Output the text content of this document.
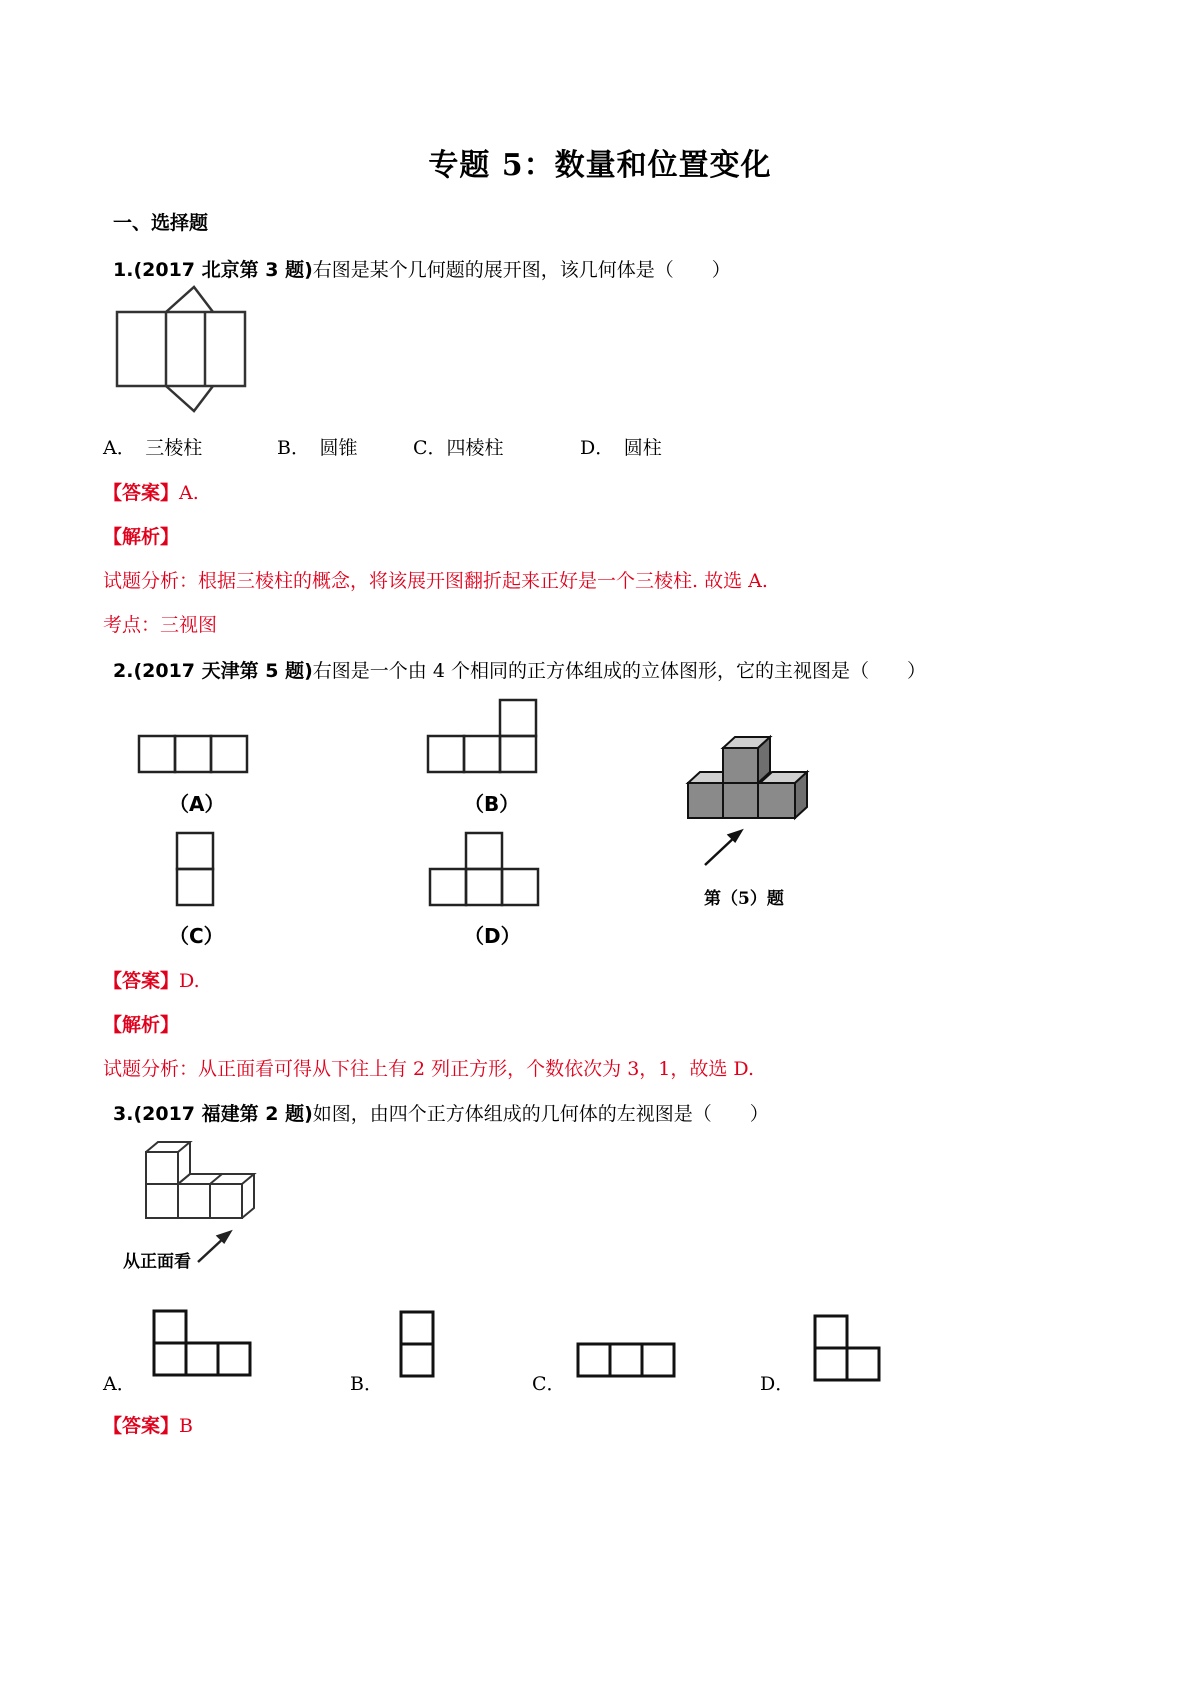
专题 5：数量和位置变化
一、选择题
1.(2017 北京第 3 题)右图是某个几何题的展开图，该几何体是（　　）
A．　三棱柱	B．　圆锥	C．四棱柱	D．　圆柱
【答案】A.
【解析】
试题分析：根据三棱柱的概念，将该展开图翻折起来正好是一个三棱柱. 故选 A.
考点：三视图
2.(2017 天津第 5 题)右图是一个由 4 个相同的正方体组成的立体图形，它的主视图是（　　）
（A）	（B）
（C）	（D）
第（5）题
【答案】D.
【解析】
试题分析：从正面看可得从下往上有 2 列正方形，个数依次为 3，1，故选 D.
3.(2017 福建第 2 题)如图，由四个正方体组成的几何体的左视图是（　　）
从正面看
A．	B．	C．	D．
【答案】B
